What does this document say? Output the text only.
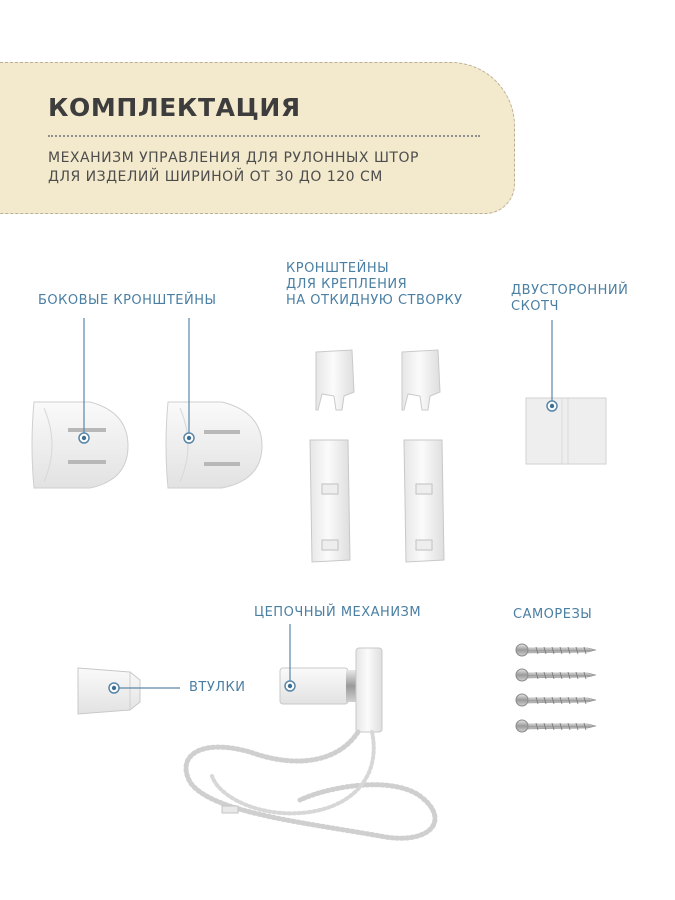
КОМПЛЕКТАЦИЯ

МЕХАНИЗМ УПРАВЛЕНИЯ ДЛЯ РУЛОННЫХ ШТОР
ДЛЯ ИЗДЕЛИЙ ШИРИНОЙ ОТ 30 ДО 120 СМ

БОКОВЫЕ КРОНШТЕЙНЫ

КРОНШТЕЙНЫ
ДЛЯ КРЕПЛЕНИЯ
НА ОТКИДНУЮ СТВОРКУ

ДВУСТОРОННИЙ
СКОТЧ

ЦЕПОЧНЫЙ МЕХАНИЗМ	САМОРЕЗЫ

ВТУЛКИ
